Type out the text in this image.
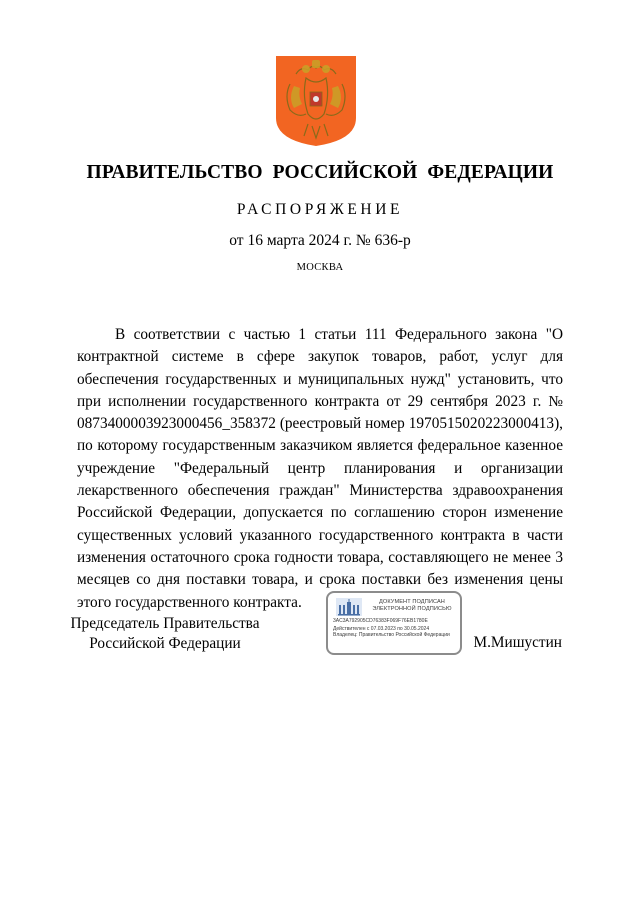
ПРАВИТЕЛЬСТВО РОССИЙСКОЙ ФЕДЕРАЦИИ
РАСПОРЯЖЕНИЕ
от 16 марта 2024 г. № 636-р
МОСКВА

В соответствии с частью 1 статьи 111 Федерального закона "О контрактной системе в сфере закупок товаров, работ, услуг для обеспечения государственных и муниципальных нужд" установить, что при исполнении государственного контракта от 29 сентября 2023 г. № 0873400003923000456_358372 (реестровый номер 1970515020223000413), по которому государственным заказчиком является федеральное казенное учреждение "Федеральный центр планирования и организации лекарственного обеспечения граждан" Министерства здравоохранения Российской Федерации, допускается по соглашению сторон изменение существенных условий указанного государственного контракта в части изменения остаточного срока годности товара, составляющего не менее 3 месяцев со дня поставки товара, и срока поставки без изменения цены этого государственного контракта.

Председатель Правительства Российской Федерации
ДОКУМЕНТ ПОДПИСАН ЭЛЕКТРОННОЙ ПОДПИСЬЮ
3AC3A792905CD76383F069F76EB1780E
Действителен с 07.03.2023 по 30.05.2024
Владелец: Правительство Российской Федерации	М.Мишустин
